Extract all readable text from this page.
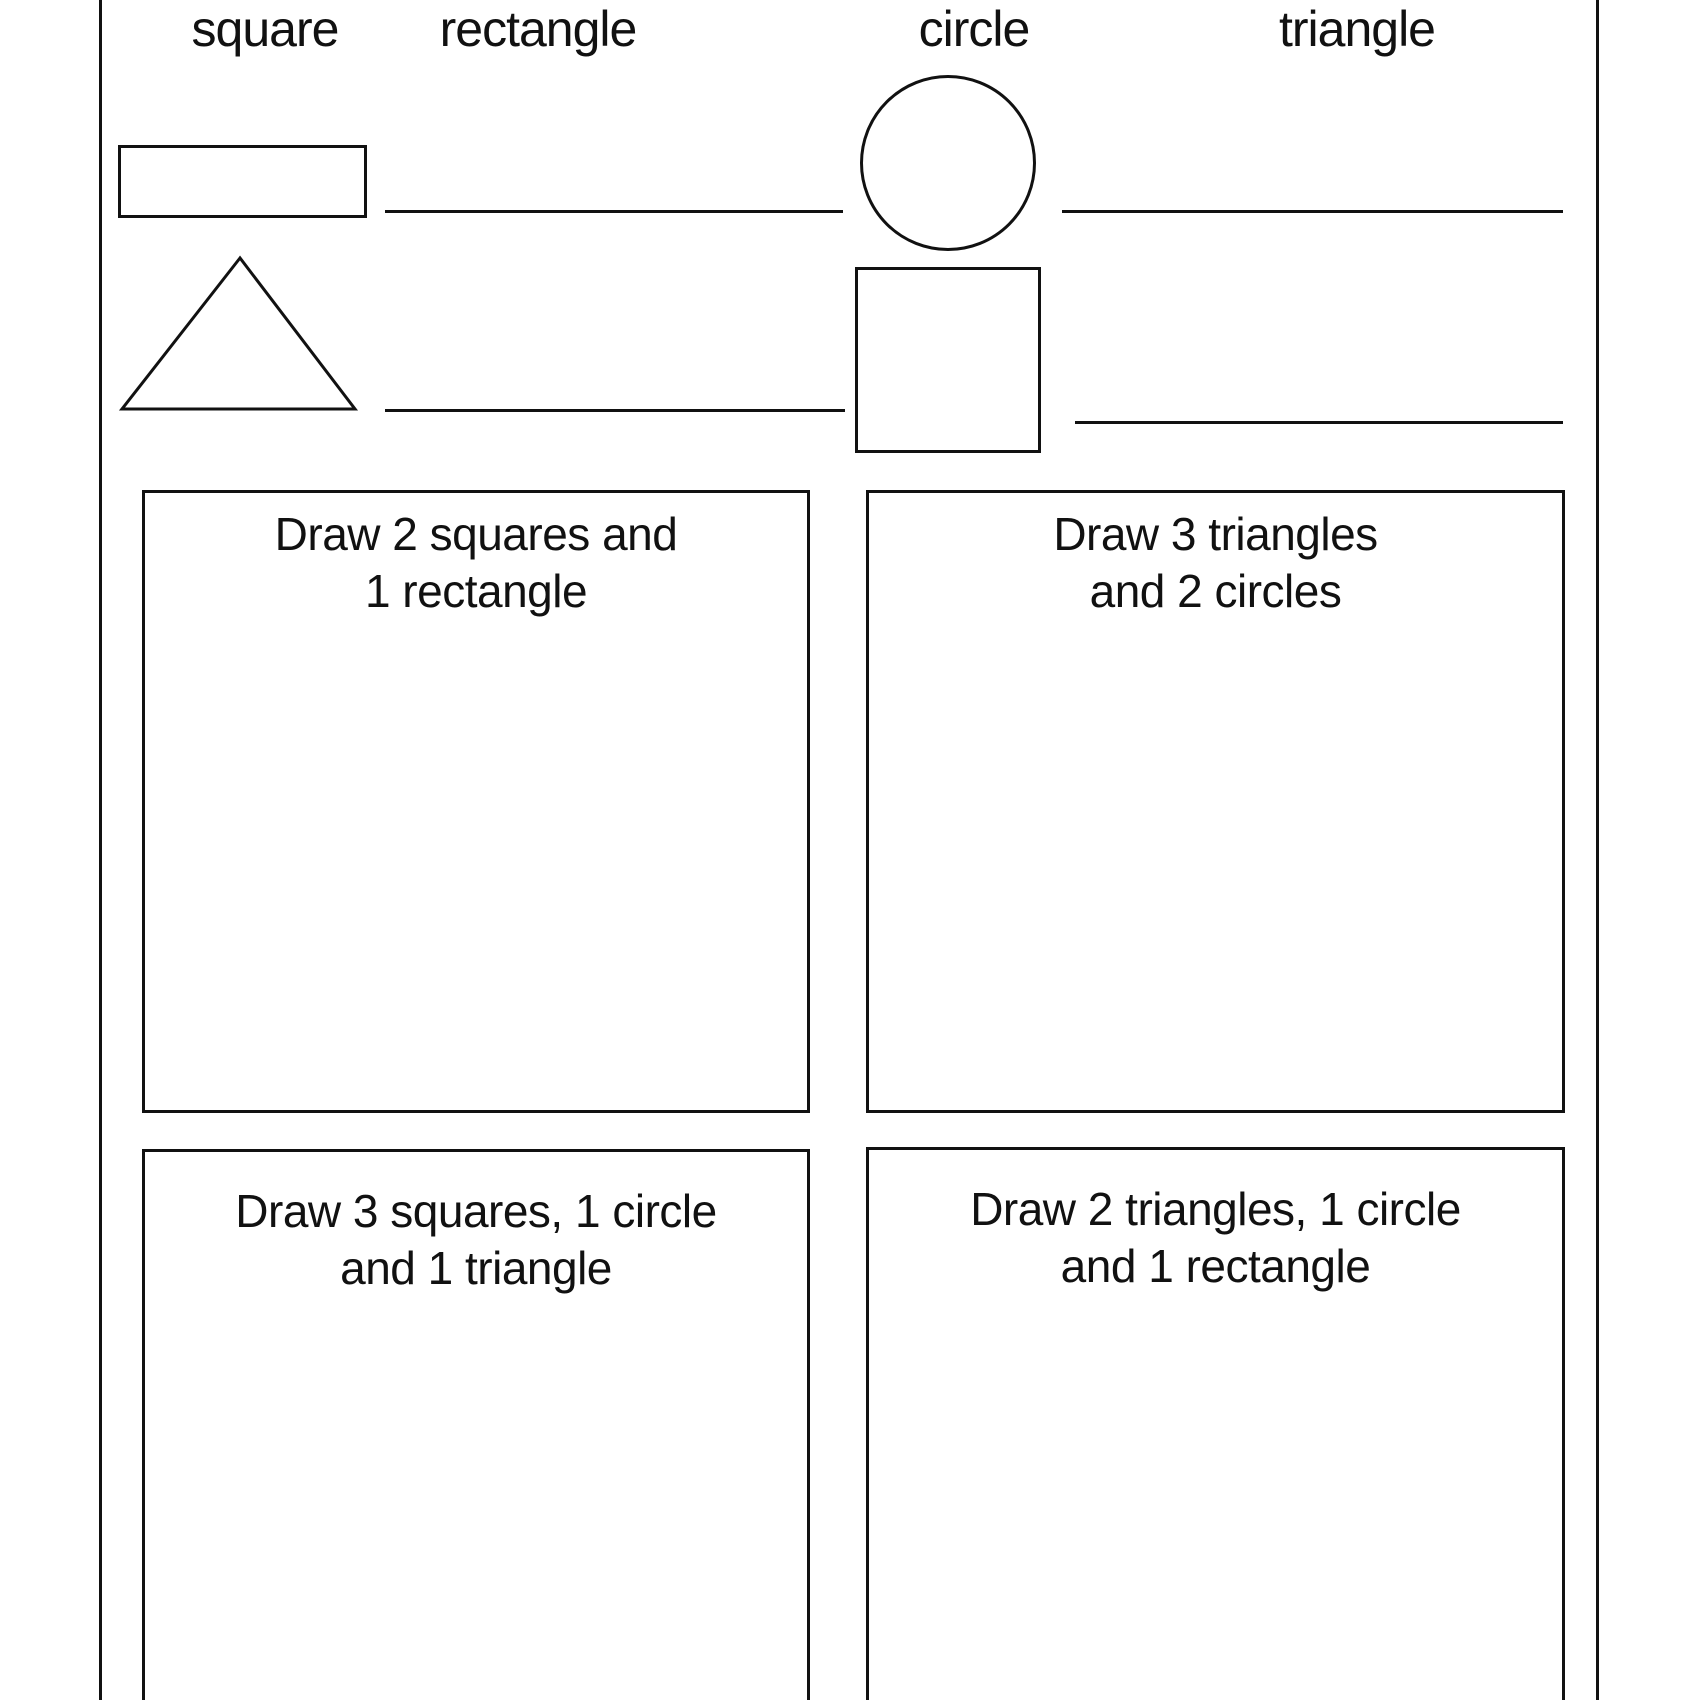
square rectangle	circle	triangle
Draw 2 squares and
1 rectangle
Draw 3 triangles
and 2 circles
Draw 3 squares, 1 circle
and 1 triangle
Draw 2 triangles, 1 circle
and 1 rectangle
